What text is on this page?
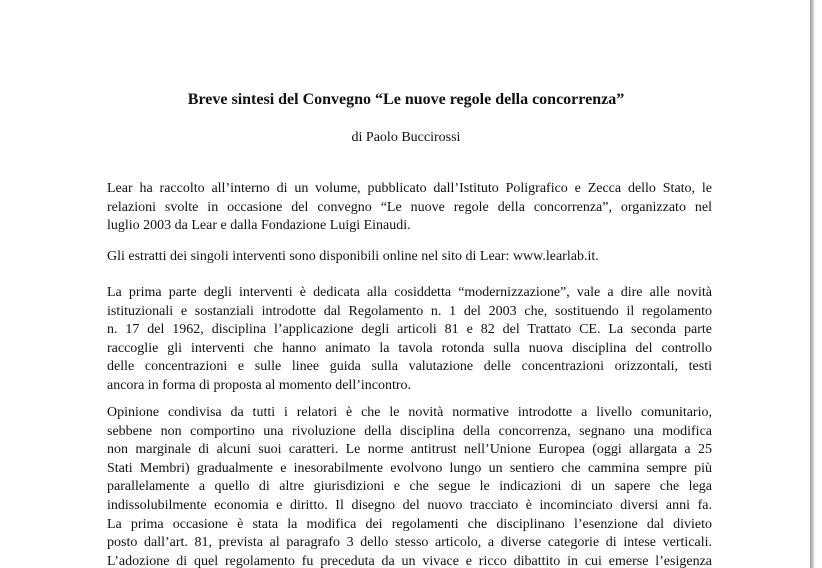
Breve sintesi del Convegno “Le nuove regole della concorrenza”
di Paolo Buccirossi
Lear ha raccolto all’interno di un volume, pubblicato dall’Istituto Poligrafico e Zecca dello Stato, le
relazioni svolte in occasione del convegno “Le nuove regole della concorrenza”, organizzato nel
luglio 2003 da Lear e dalla Fondazione Luigi Einaudi.
Gli estratti dei singoli interventi sono disponibili online nel sito di Lear: www.learlab.it.
La prima parte degli interventi è dedicata alla cosiddetta “modernizzazione”, vale a dire alle novità
istituzionali e sostanziali introdotte dal Regolamento n. 1 del 2003 che, sostituendo il regolamento
n. 17 del 1962, disciplina l’applicazione degli articoli 81 e 82 del Trattato CE. La seconda parte
raccoglie gli interventi che hanno animato la tavola rotonda sulla nuova disciplina del controllo
delle concentrazioni e sulle linee guida sulla valutazione delle concentrazioni orizzontali, testi
ancora in forma di proposta al momento dell’incontro.
Opinione condivisa da tutti i relatori è che le novità normative introdotte a livello comunitario,
sebbene non comportino una rivoluzione della disciplina della concorrenza, segnano una modifica
non marginale di alcuni suoi caratteri. Le norme antitrust nell’Unione Europea (oggi allargata a 25
Stati Membri) gradualmente e inesorabilmente evolvono lungo un sentiero che cammina sempre più
parallelamente a quello di altre giurisdizioni e che segue le indicazioni di un sapere che lega
indissolubilmente economia e diritto. Il disegno del nuovo tracciato è incominciato diversi anni fa.
La prima occasione è stata la modifica dei regolamenti che disciplinano l’esenzione dal divieto
posto dall’art. 81, prevista al paragrafo 3 dello stesso articolo, a diverse categorie di intese verticali.
L’adozione di quel regolamento fu preceduta da un vivace e ricco dibattito in cui emerse l’esigenza
